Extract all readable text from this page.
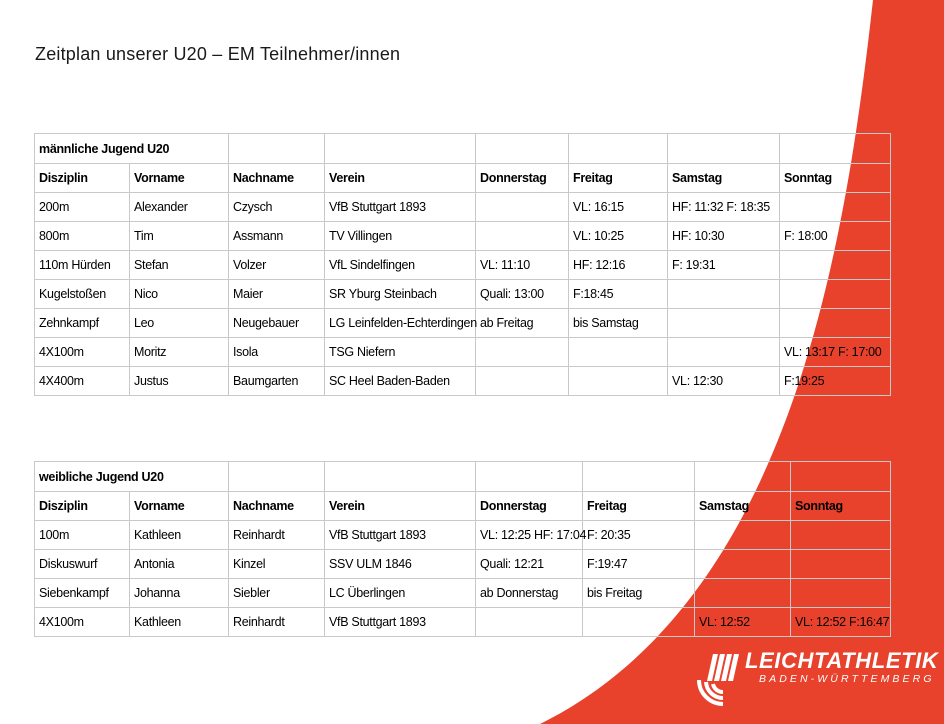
Zeitplan unserer U20 – EM Teilnehmer/innen
männliche Jugend U20							
Disziplin	Vorname	Nachname	Verein	Donnerstag	Freitag	Samstag	Sonntag
200m	Alexander	Czysch	VfB Stuttgart 1893		VL: 16:15	HF: 11:32 F: 18:35	
800m	Tim	Assmann	TV Villingen		VL: 10:25	HF: 10:30	F: 18:00
110m Hürden	Stefan	Volzer	VfL Sindelfingen	VL: 11:10	HF: 12:16	F: 19:31	
Kugelstoßen	Nico	Maier	SR Yburg Steinbach	Quali: 13:00	F:18:45		
Zehnkampf	Leo	Neugebauer	LG Leinfelden-Echterdingen	ab Freitag	bis Samstag		
4X100m	Moritz	Isola	TSG Niefern				VL: 13:17 F: 17:00
4X400m	Justus	Baumgarten	SC Heel Baden-Baden			VL: 12:30	F:19:25
weibliche Jugend U20							
Disziplin	Vorname	Nachname	Verein	Donnerstag	Freitag	Samstag	Sonntag
100m	Kathleen	Reinhardt	VfB Stuttgart 1893	VL: 12:25 HF: 17:04	F: 20:35		
Diskuswurf	Antonia	Kinzel	SSV ULM 1846	Quali: 12:21	F:19:47		
Siebenkampf	Johanna	Siebler	LC Überlingen	ab Donnerstag	bis Freitag		
4X100m	Kathleen	Reinhardt	VfB Stuttgart 1893			VL: 12:52	VL: 12:52 F:16:47
LEICHTATHLETIK
BADEN-WÜRTTEMBERG
